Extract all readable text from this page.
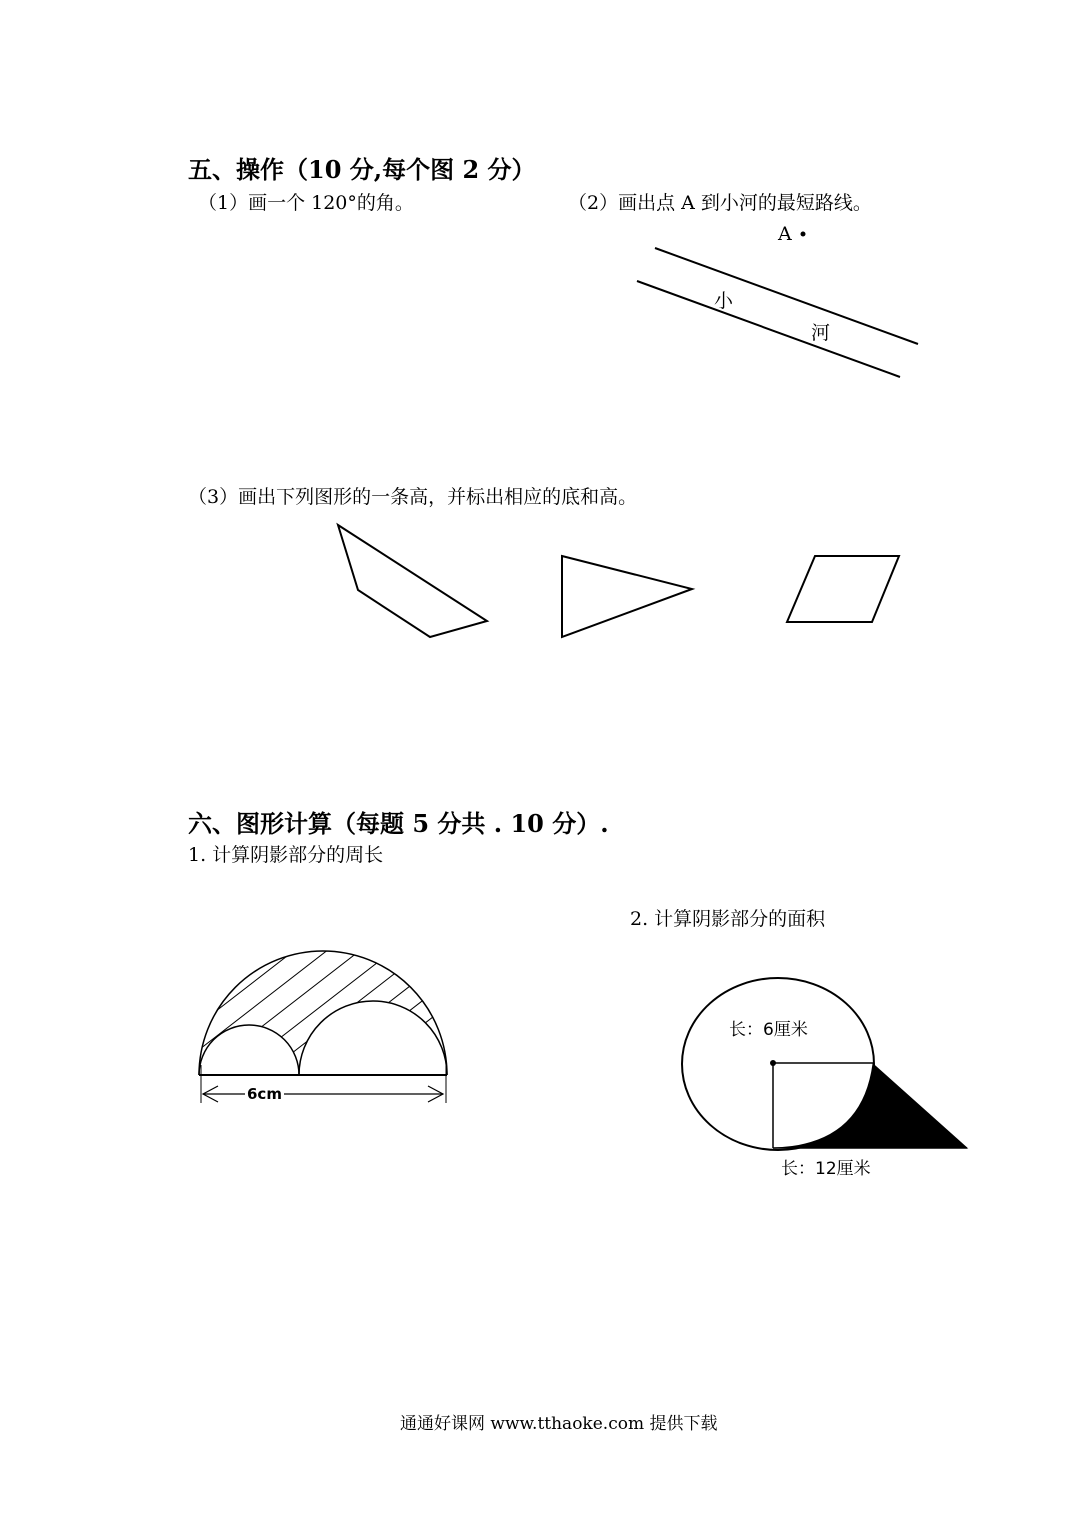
五、操作（10 分,每个图 2 分）
（1）画一个 120°的角。	（2）画出点 A 到小河的最短路线。
A
小
河
（3）画出下列图形的一条高，并标出相应的底和高。
六、图形计算（每题 5 分共 . 10 分）.
1. 计算阴影部分的周长
2. 计算阴影部分的面积
6cm
长：6厘米
长：12厘米
通通好课网 www.tthaoke.com 提供下载
